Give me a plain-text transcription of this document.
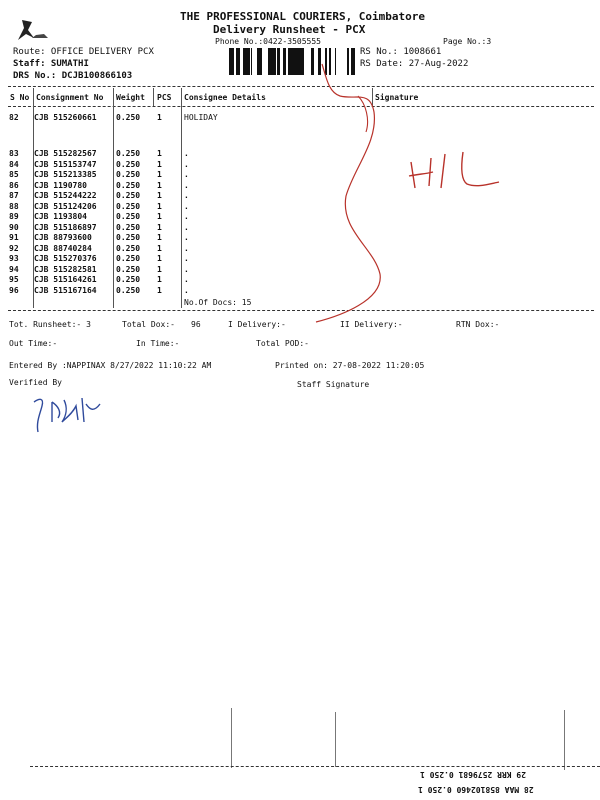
THE PROFESSIONAL COURIERS, Coimbatore
Delivery Runsheet - PCX
Phone No.:0422-3505555	Page No.:3
Route: OFFICE DELIVERY PCX
Staff: SUMATHI
DRS No.: DCJB100866103
RS No.: 1008661
RS Date: 27-Aug-2022
S No Consignment No Weight PCS Consignee Details	Signature
82 CJB 515260661 0.250 1	HOLIDAY
83 CJB 515282567 0.250 1	.
84 CJB 515153747 0.250 1	.
85 CJB 515213385 0.250 1	.
86 CJB 1190780	0.250 1	.
87 CJB 515244222 0.250 1	.
88 CJB 515124206 0.250 1	.
89 CJB 1193804	0.250 1	.
90 CJB 515186897 0.250 1	.
91 CJB 88793600	0.250 1	.
92 CJB 88740284	0.250 1	.
93 CJB 515270376 0.250 1	.
94 CJB 515282581 0.250 1	.
95 CJB 515164261 0.250 1	.
96 CJB 515167164 0.250 1	.
No.Of Docs: 15
Tot. Runsheet:- 3	Total Dox:- 96	I Delivery:-	II Delivery:-	RTN Dox:-
Out Time:-	In Time:-	Total POD:-
Entered By :NAPPINAX 8/27/2022 11:10:22 AM	Printed on: 27-08-2022 11:20:05
Verified By	Staff Signature
29 KRR 2579681 0.250 1
28 MAA 858102460 0.250 1
